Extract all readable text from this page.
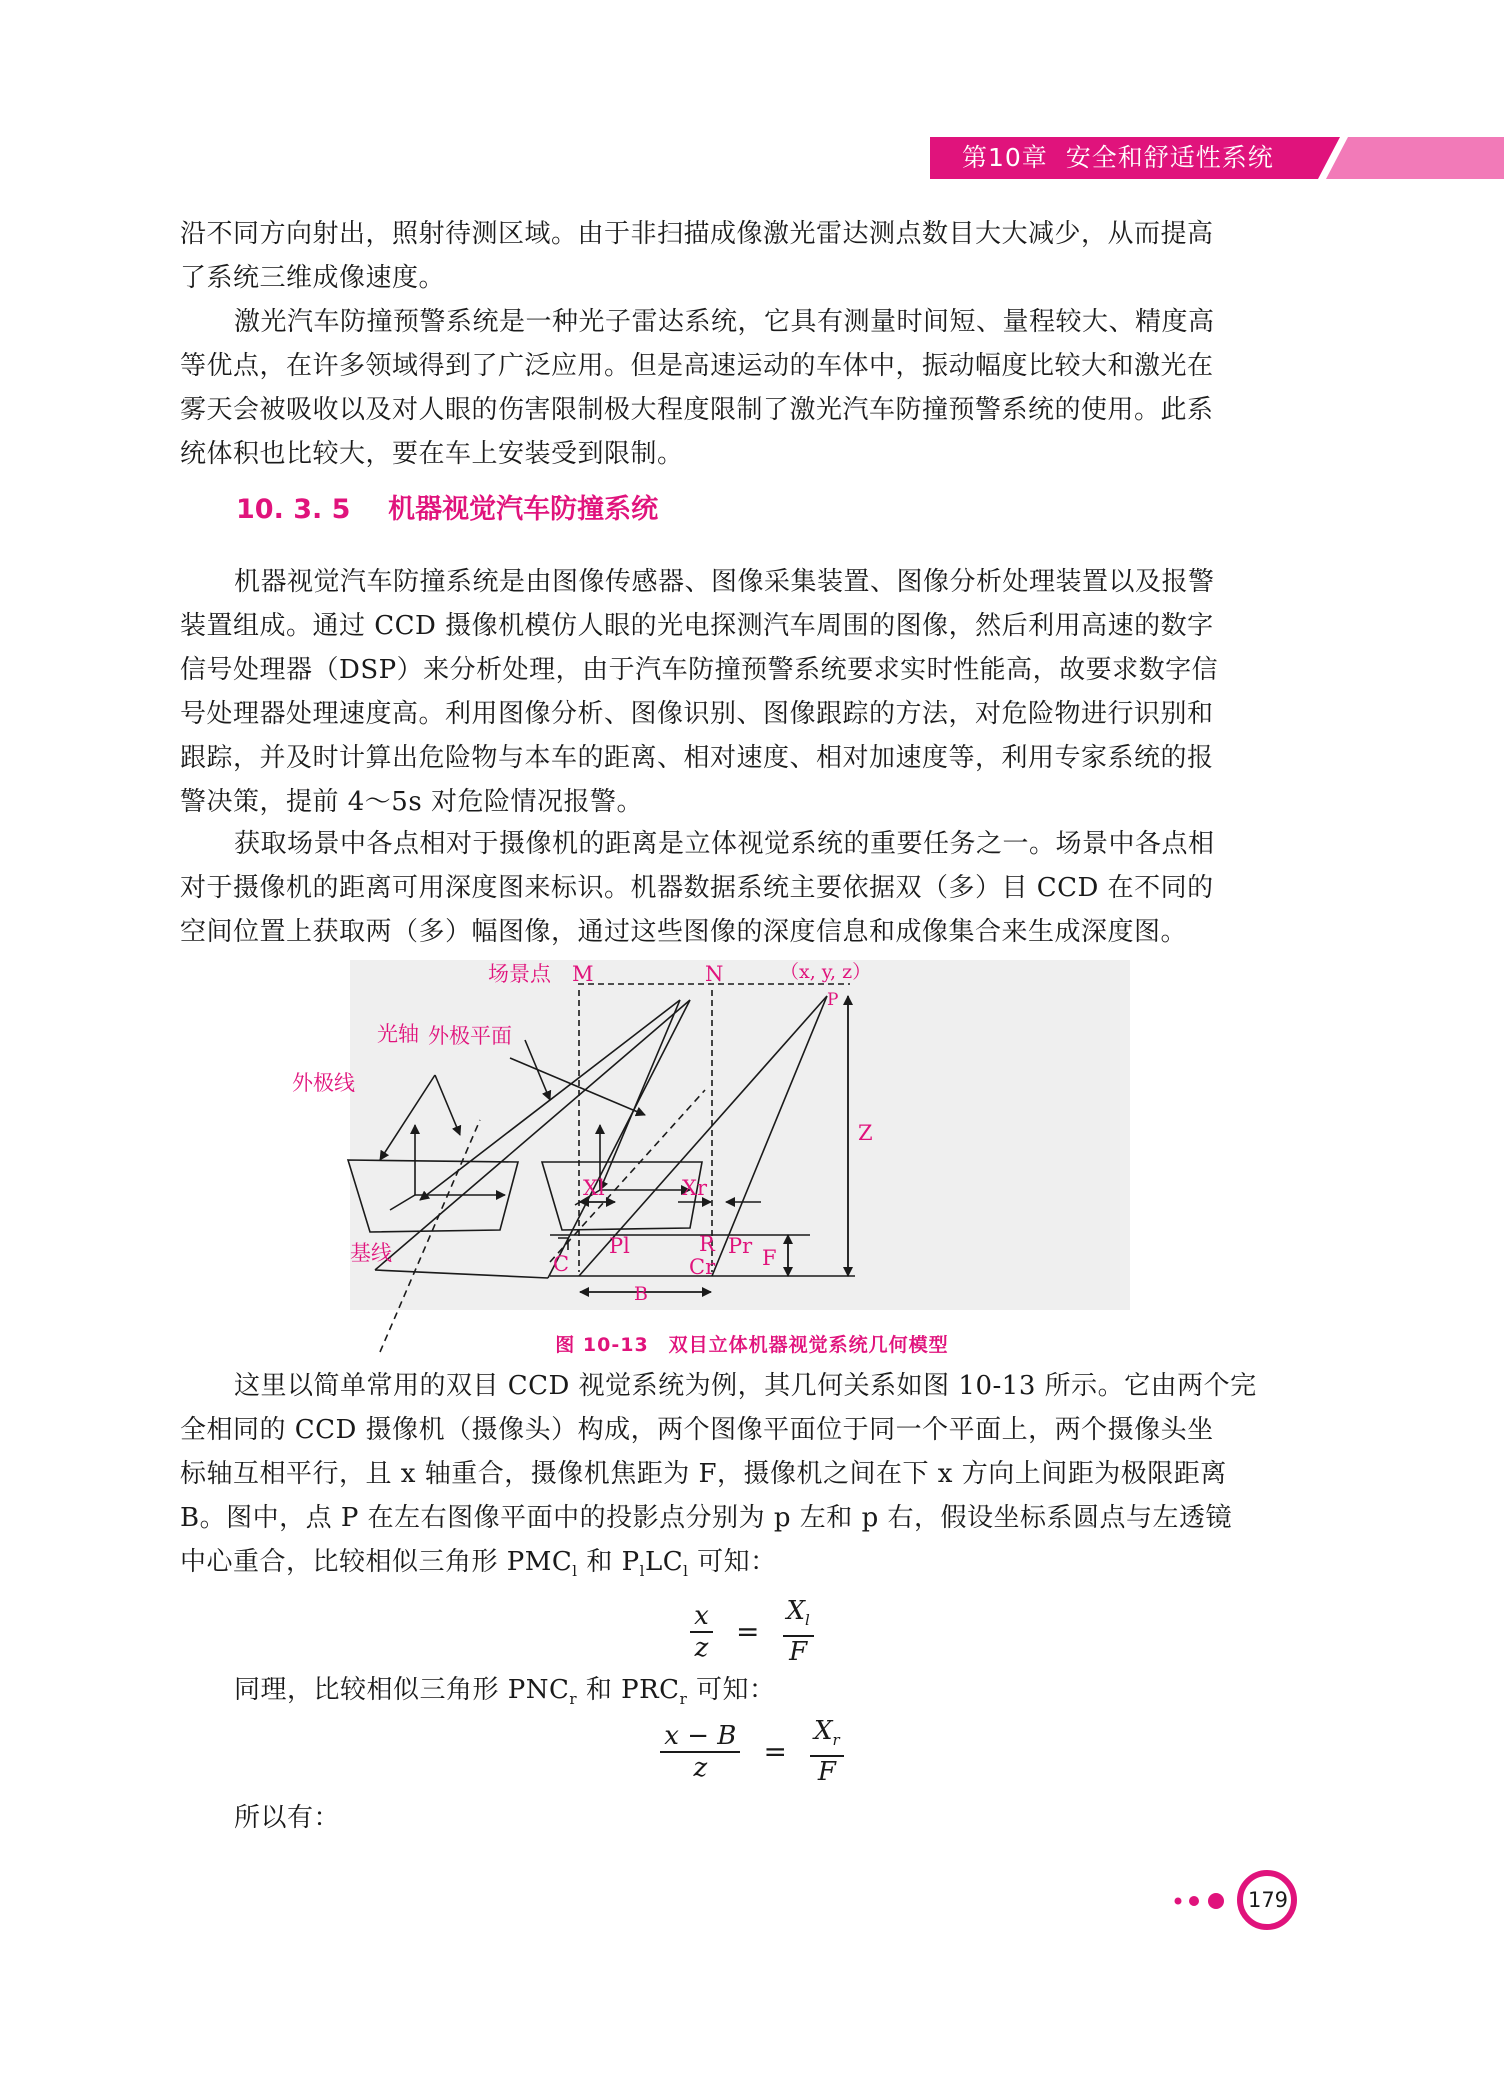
第10章 安全和舒适性系统

沿不同方向射出，照射待测区域。由于非扫描成像激光雷达测点数目大大减少，从而提高

了系统三维成像速度。

激光汽车防撞预警系统是一种光子雷达系统，它具有测量时间短、量程较大、精度高

等优点，在许多领域得到了广泛应用。但是高速运动的车体中，振动幅度比较大和激光在

雾天会被吸收以及对人眼的伤害限制极大程度限制了激光汽车防撞预警系统的使用。此系

统体积也比较大，要在车上安装受到限制。

10. 3. 5 机器视觉汽车防撞系统

机器视觉汽车防撞系统是由图像传感器、图像采集装置、图像分析处理装置以及报警

装置组成。通过 CCD 摄像机模仿人眼的光电探测汽车周围的图像，然后利用高速的数字

信号处理器（DSP）来分析处理，由于汽车防撞预警系统要求实时性能高，故要求数字信

号处理器处理速度高。利用图像分析、图像识别、图像跟踪的方法，对危险物进行识别和

跟踪，并及时计算出危险物与本车的距离、相对速度、相对加速度等，利用专家系统的报

警决策，提前 4～5s 对危险情况报警。

获取场景中各点相对于摄像机的距离是立体视觉系统的重要任务之一。场景中各点相

对于摄像机的距离可用深度图来标识。机器数据系统主要依据双（多）目 CCD 在不同的

空间位置上获取两（多）幅图像，通过这些图像的深度信息和成像集合来生成深度图。

场景点 M	N	（x, y, z）
P
Z
光轴 外极平面
外极线
基线
Xl	Xr
Pl	R Pr
C	Cr F
B
图 10-13　双目立体机器视觉系统几何模型

这里以简单常用的双目 CCD 视觉系统为例，其几何关系如图 10-13 所示。它由两个完

全相同的 CCD 摄像机（摄像头）构成，两个图像平面位于同一个平面上，两个摄像头坐

标轴互相平行，且 x 轴重合，摄像机焦距为 F，摄像机之间在下 x 方向上间距为极限距离

B。图中，点 P 在左右图像平面中的投影点分别为 p 左和 p 右，假设坐标系圆点与左透镜

中心重合，比较相似三角形 $PMC_l$ 和 $P_lLC_l$ 可知：

$\frac{x}{z} = \frac{X_l}{F}$

同理，比较相似三角形 $PNC_r$ 和 $PRC_r$ 可知：

$\frac{x - B}{z} = \frac{X_r}{F}$

所以有：

179
